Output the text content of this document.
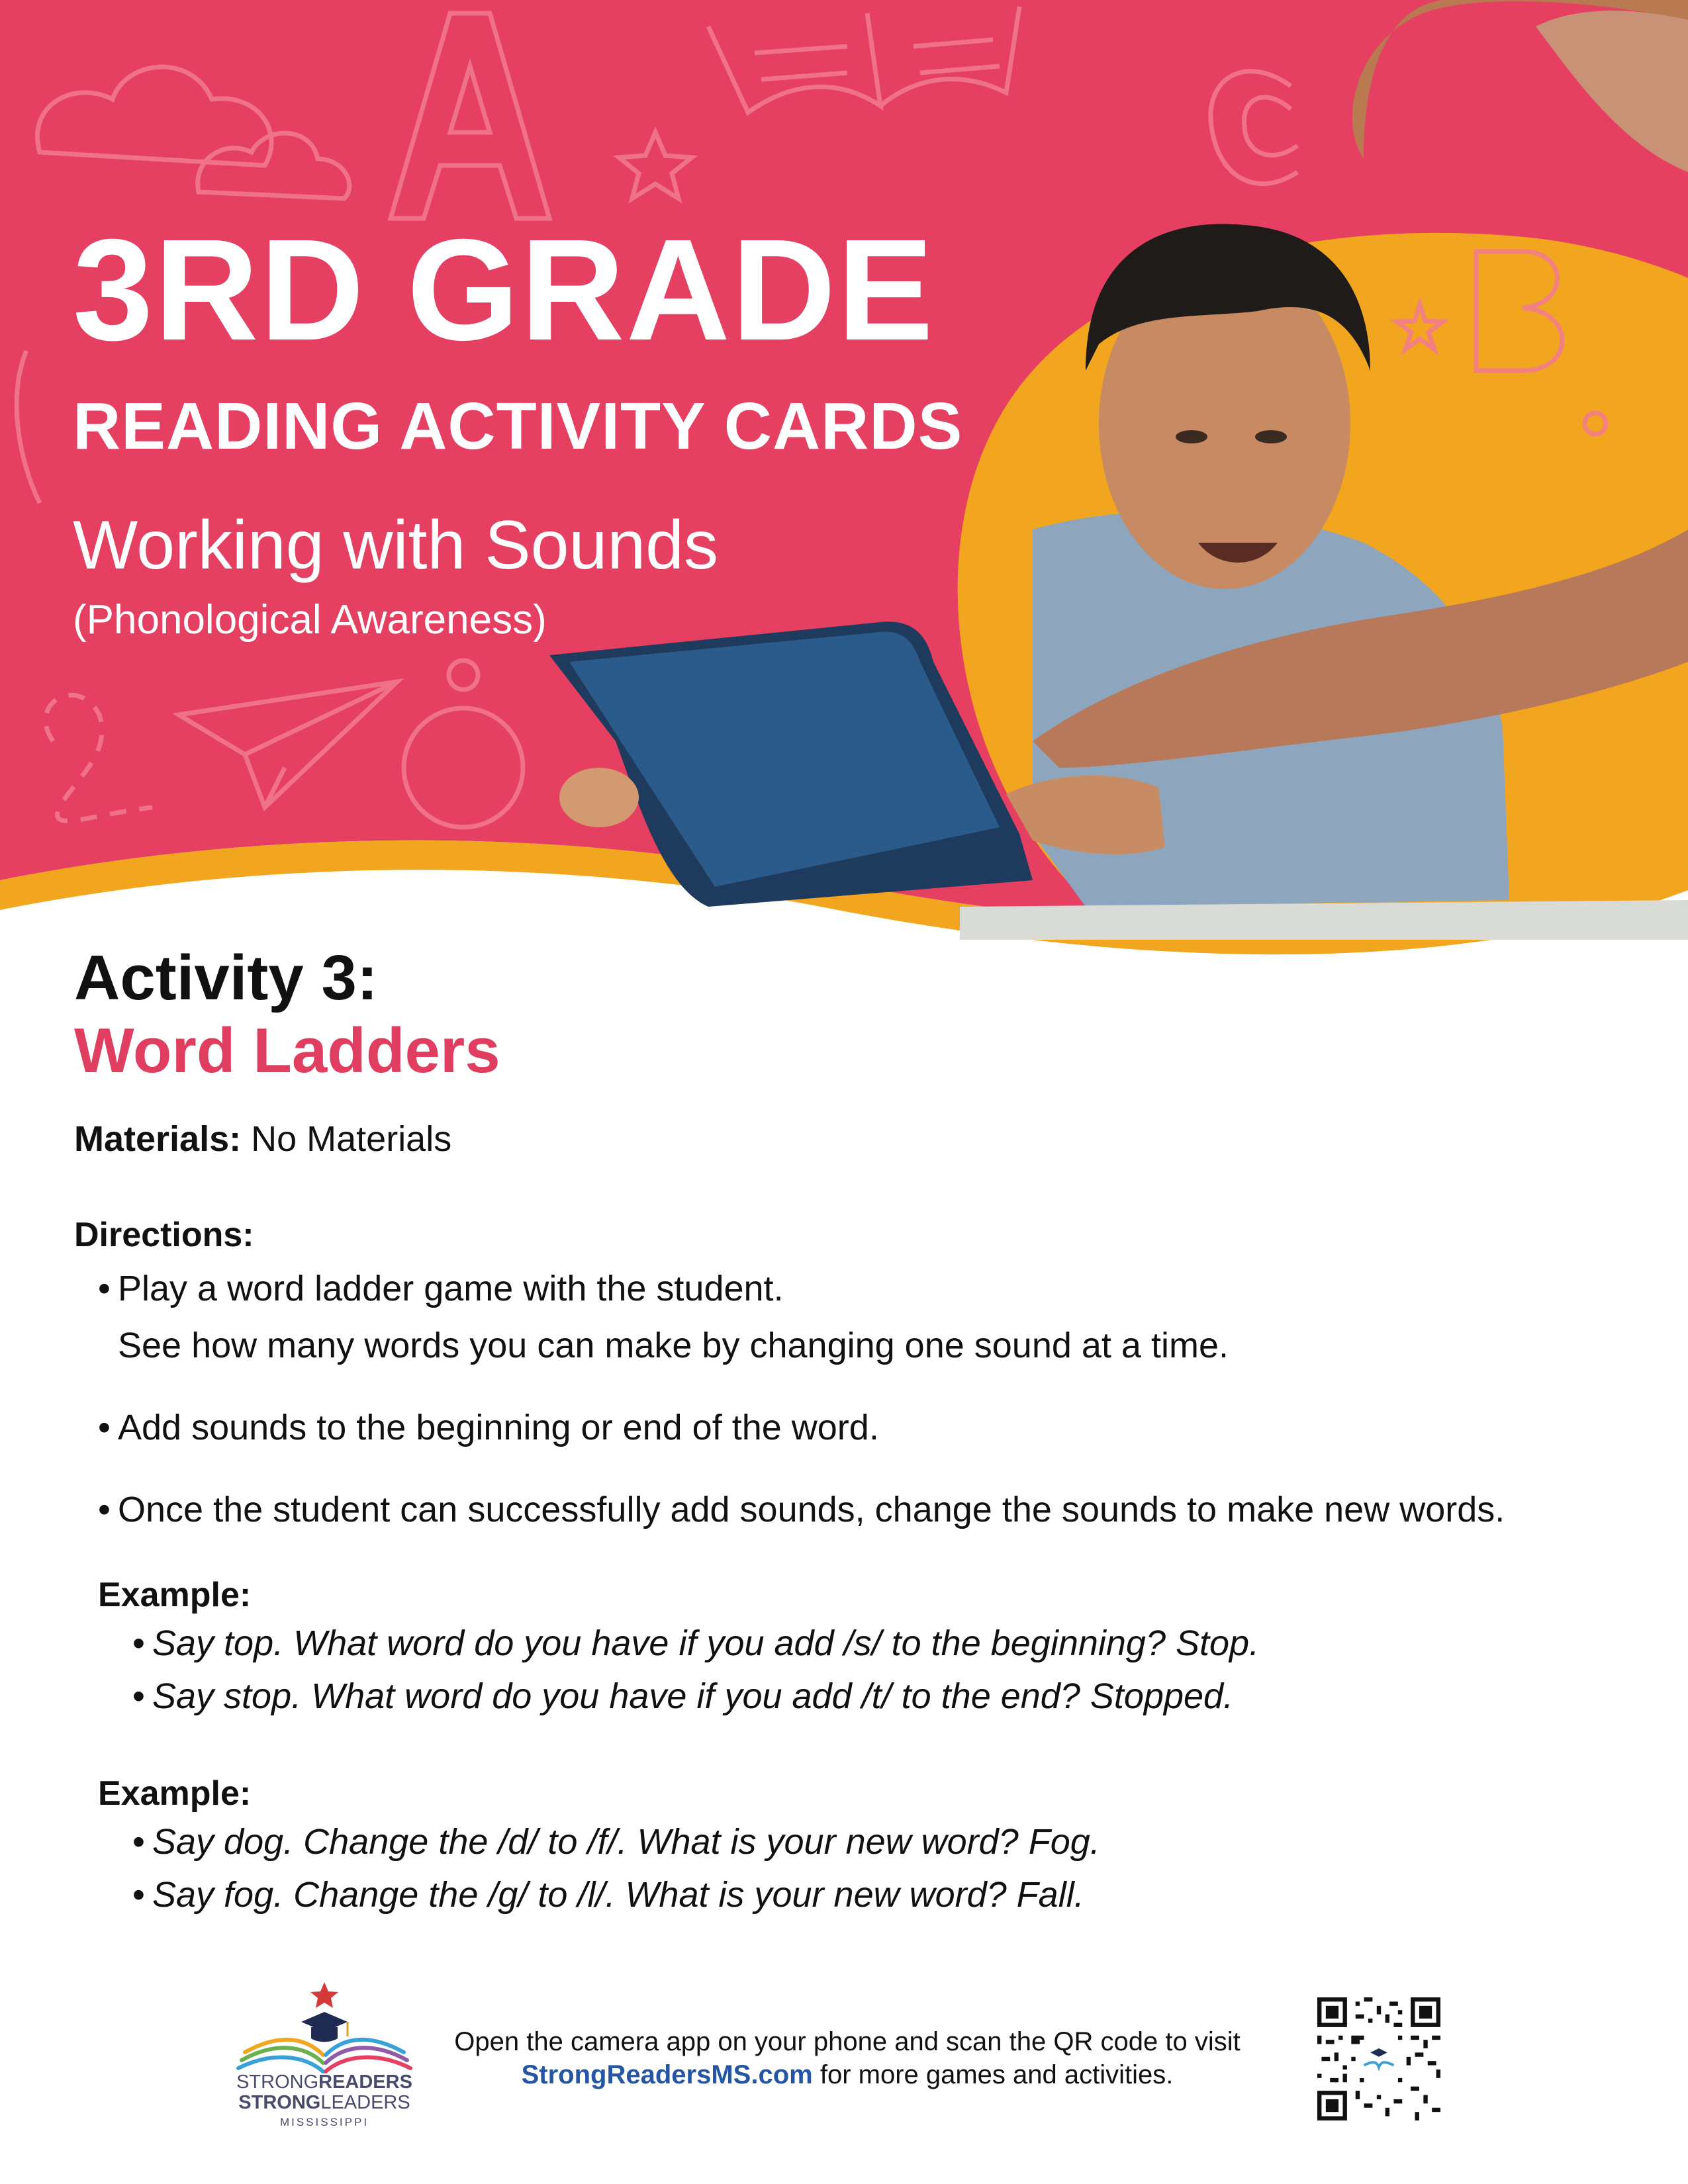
3RD GRADE
READING ACTIVITY CARDS
Working with Sounds
(Phonological Awareness)
Activity 3:
Word Ladders
Materials: No Materials
Directions:
• Play a word ladder game with the student.
See how many words you can make by changing one sound at a time.
• Add sounds to the beginning or end of the word.
• Once the student can successfully add sounds, change the sounds to make new words.
Example:
• Say top. What word do you have if you add /s/ to the beginning? Stop.
• Say stop. What word do you have if you add /t/ to the end? Stopped.
Example:
• Say dog. Change the /d/ to /f/. What is your new word? Fog.
• Say fog. Change the /g/ to /l/. What is your new word? Fall.
STRONGREADERS
STRONGLEADERS
MISSISSIPPI
Open the camera app on your phone and scan the QR code to visit
StrongReadersMS.com for more games and activities.
